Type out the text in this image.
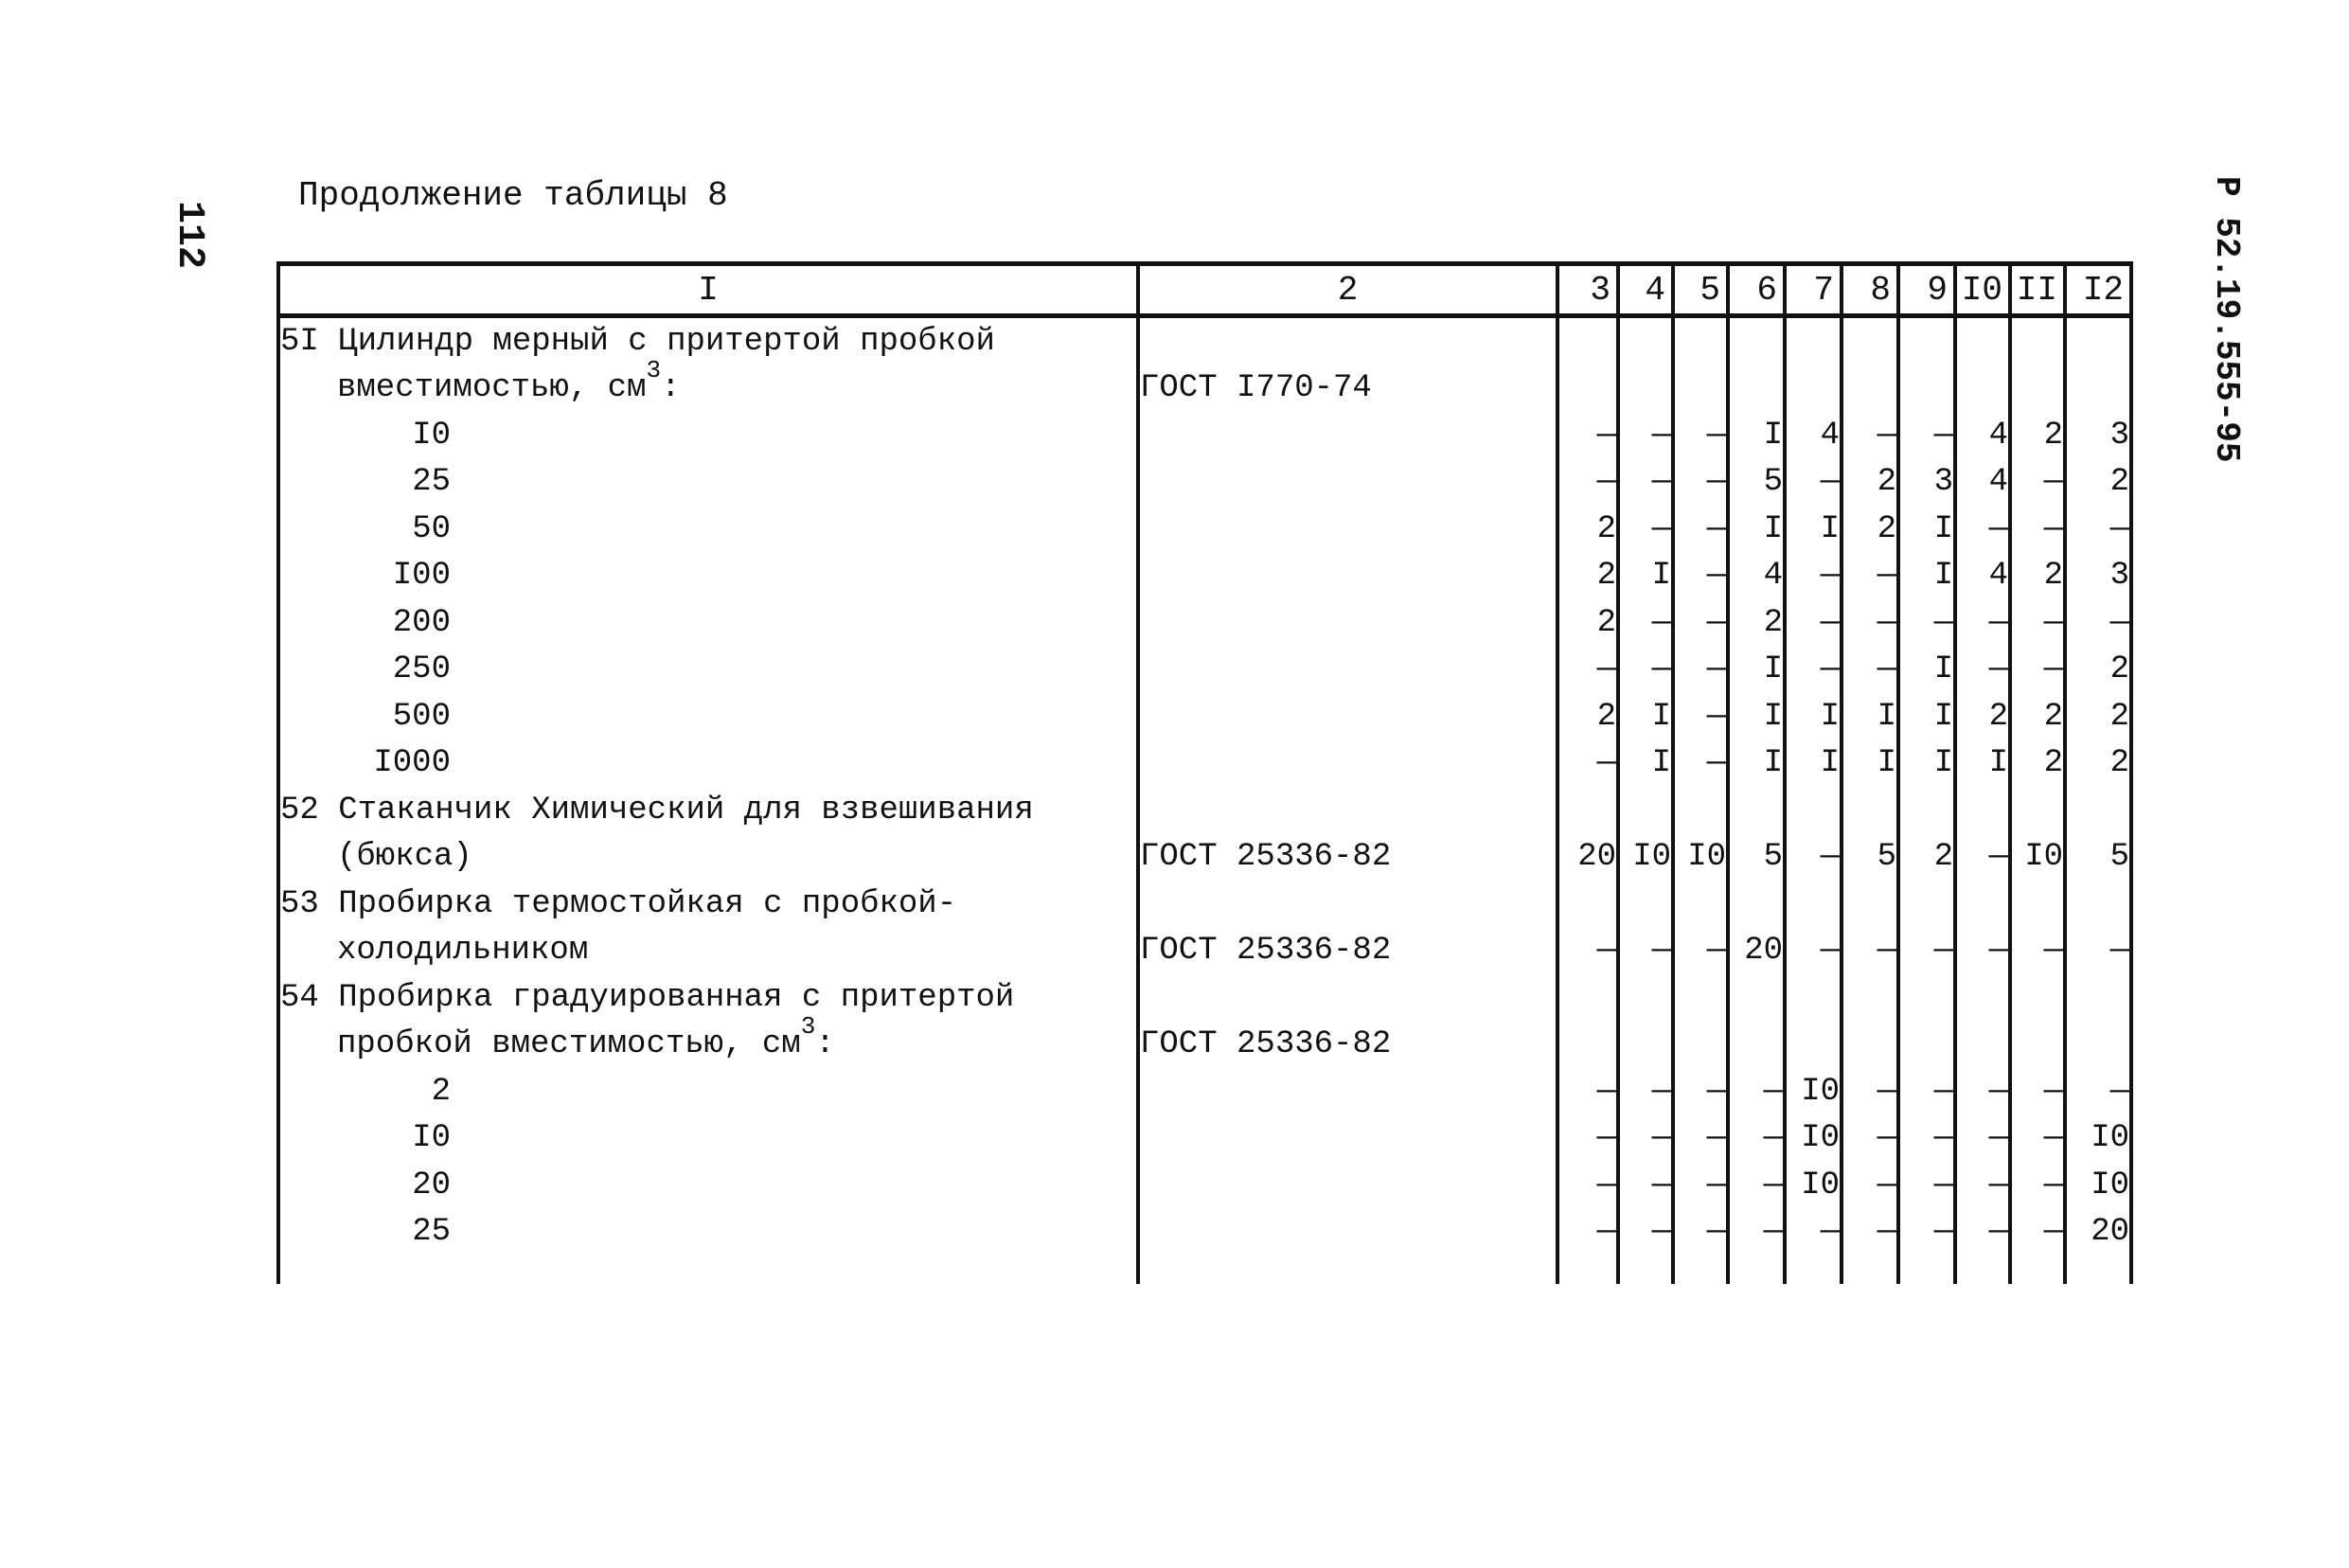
112	Р 52.19.555-95
Продолжение таблицы 8
I	2	3	4	5	6	7	8	9	I0	II	I2
5I Цилиндр мерный с притертой пробкой											
вместимостью, $см^3$:	ГОСТ I770-74										
I0		—	—	—	I	4	—	—	4	2	3
25		—	—	—	5	—	2	3	4	—	2
50		2	—	—	I	I	2	I	—	—	—
I00		2	I	—	4	—	—	I	4	2	3
200		2	—	—	2	—	—	—	—	—	—
250		—	—	—	I	—	—	I	—	—	2
500		2	I	—	I	I	I	I	2	2	2
I000		—	I	—	I	I	I	I	I	2	2
52 Стаканчик Химический для взвешивания											
(бюкса)	ГОСТ 25336-82	20	I0	I0	5	—	5	2	—	I0	5
53 Пробирка термостойкая с пробкой-											
холодильником	ГОСТ 25336-82	—	—	—	20	—	—	—	—	—	—
54 Пробирка градуированная с притертой											
пробкой вместимостью, $см^3$:	ГОСТ 25336-82										
2		—	—	—	—	I0	—	—	—	—	—
I0		—	—	—	—	I0	—	—	—	—	I0
20		—	—	—	—	I0	—	—	—	—	I0
25		—	—	—	—	—	—	—	—	—	20
